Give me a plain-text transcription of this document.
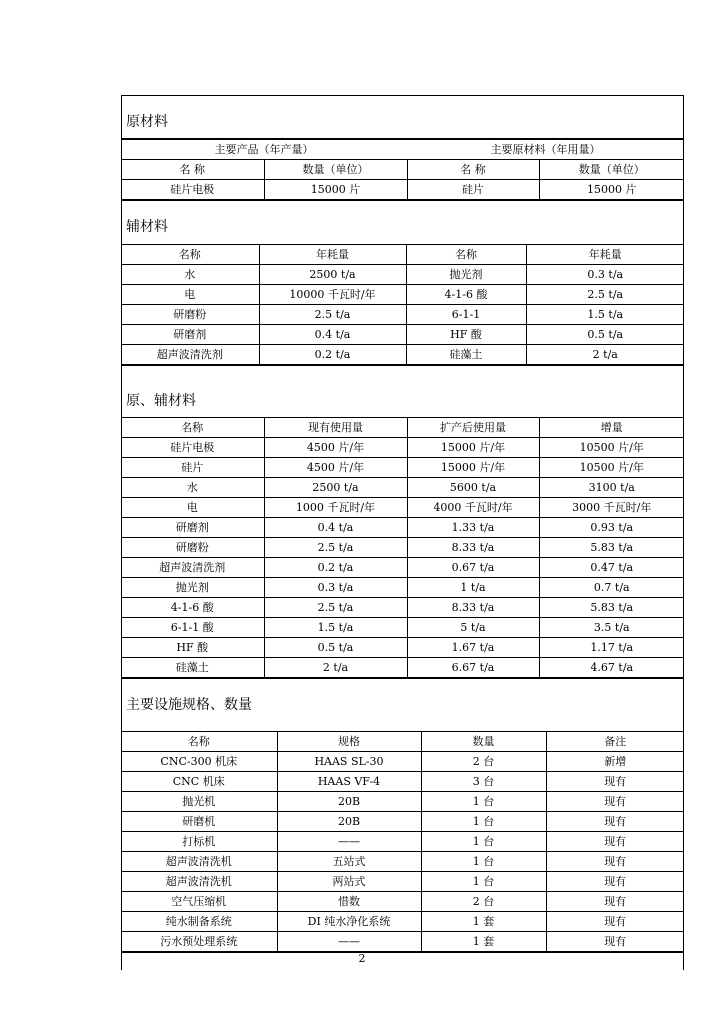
原材料
主要产品（年产量）		主要原材料（年用量）	
名 称	数量（单位）	名 称	数量（单位）
硅片电极	15000 片	硅片	15000 片
辅材料
名称	年耗量	名称	年耗量
水	2500 t/a	抛光剂	0.3 t/a
电	10000 千瓦时/年	4-1-6 酸	2.5 t/a
研磨粉	2.5 t/a	6-1-1	1.5 t/a
研磨剂	0.4 t/a	HF 酸	0.5 t/a
超声波清洗剂	0.2 t/a	硅藻土	2 t/a
原、辅材料
名称	现有使用量	扩产后使用量	增量
硅片电极	4500 片/年	15000 片/年	10500 片/年
硅片	4500 片/年	15000 片/年	10500 片/年
水	2500 t/a	5600 t/a	3100 t/a
电	1000 千瓦时/年	4000 千瓦时/年	3000 千瓦时/年
研磨剂	0.4 t/a	1.33 t/a	0.93 t/a
研磨粉	2.5 t/a	8.33 t/a	5.83 t/a
超声波清洗剂	0.2 t/a	0.67 t/a	0.47 t/a
抛光剂	0.3 t/a	1 t/a	0.7 t/a
4-1-6 酸	2.5 t/a	8.33 t/a	5.83 t/a
6-1-1 酸	1.5 t/a	5 t/a	3.5 t/a
HF 酸	0.5 t/a	1.67 t/a	1.17 t/a
硅藻土	2 t/a	6.67 t/a	4.67 t/a
主要设施规格、数量
名称	规格	数量	备注
CNC-300 机床	HAAS SL-30	2 台	新增
CNC 机床	HAAS VF-4	3 台	现有
抛光机	20B	1 台	现有
研磨机	20B	1 台	现有
打标机	——	1 台	现有
超声波清洗机	五站式	1 台	现有
超声波清洗机	两站式	1 台	现有
空气压缩机	惜数	2 台	现有
纯水制备系统	DI 纯水净化系统	1 套	现有
污水预处理系统	——	1 套	现有
2
